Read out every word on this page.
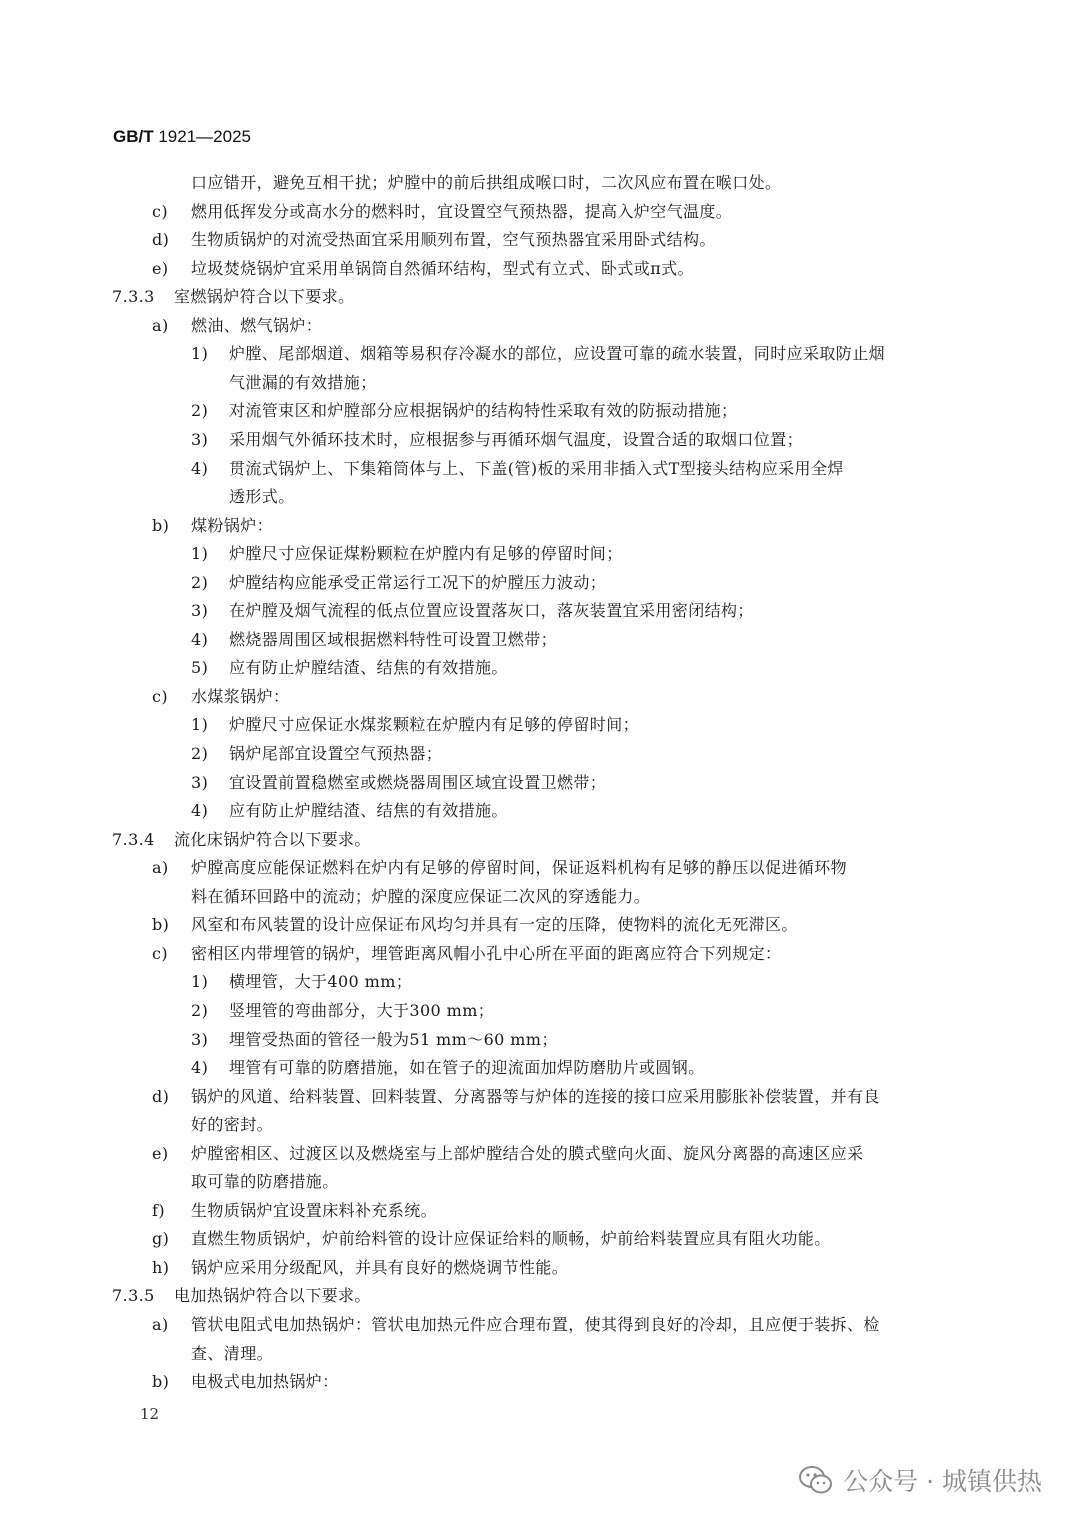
GB/T 1921—2025
口应错开，避免互相干扰；炉膛中的前后拱组成喉口时，二次风应布置在喉口处。
c) 燃用低挥发分或高水分的燃料时，宜设置空气预热器，提高入炉空气温度。
d) 生物质锅炉的对流受热面宜采用顺列布置，空气预热器宜采用卧式结构。
e) 垃圾焚烧锅炉宜采用单锅筒自然循环结构，型式有立式、卧式或π式。
7.3.3 室燃锅炉符合以下要求。
a) 燃油、燃气锅炉：
1) 炉膛、尾部烟道、烟箱等易积存冷凝水的部位，应设置可靠的疏水装置，同时应采取防止烟
气泄漏的有效措施；
2) 对流管束区和炉膛部分应根据锅炉的结构特性采取有效的防振动措施；
3) 采用烟气外循环技术时，应根据参与再循环烟气温度，设置合适的取烟口位置；
4) 贯流式锅炉上、下集箱筒体与上、下盖(管)板的采用非插入式T型接头结构应采用全焊
透形式。
b) 煤粉锅炉：
1) 炉膛尺寸应保证煤粉颗粒在炉膛内有足够的停留时间；
2) 炉膛结构应能承受正常运行工况下的炉膛压力波动；
3) 在炉膛及烟气流程的低点位置应设置落灰口，落灰装置宜采用密闭结构；
4) 燃烧器周围区域根据燃料特性可设置卫燃带；
5) 应有防止炉膛结渣、结焦的有效措施。
c) 水煤浆锅炉：
1) 炉膛尺寸应保证水煤浆颗粒在炉膛内有足够的停留时间；
2) 锅炉尾部宜设置空气预热器；
3) 宜设置前置稳燃室或燃烧器周围区域宜设置卫燃带；
4) 应有防止炉膛结渣、结焦的有效措施。
7.3.4 流化床锅炉符合以下要求。
a) 炉膛高度应能保证燃料在炉内有足够的停留时间，保证返料机构有足够的静压以促进循环物
料在循环回路中的流动；炉膛的深度应保证二次风的穿透能力。
b) 风室和布风装置的设计应保证布风均匀并具有一定的压降，使物料的流化无死滞区。
c) 密相区内带埋管的锅炉，埋管距离风帽小孔中心所在平面的距离应符合下列规定：
1) 横埋管，大于400 mm；
2) 竖埋管的弯曲部分，大于300 mm；
3) 埋管受热面的管径一般为51 mm～60 mm；
4) 埋管有可靠的防磨措施，如在管子的迎流面加焊防磨肋片或圆钢。
d) 锅炉的风道、给料装置、回料装置、分离器等与炉体的连接的接口应采用膨胀补偿装置，并有良
好的密封。
e) 炉膛密相区、过渡区以及燃烧室与上部炉膛结合处的膜式壁向火面、旋风分离器的高速区应采
取可靠的防磨措施。
f) 生物质锅炉宜设置床料补充系统。
g) 直燃生物质锅炉，炉前给料管的设计应保证给料的顺畅，炉前给料装置应具有阻火功能。
h) 锅炉应采用分级配风，并具有良好的燃烧调节性能。
7.3.5 电加热锅炉符合以下要求。
a) 管状电阻式电加热锅炉：管状电加热元件应合理布置，使其得到良好的冷却，且应便于装拆、检
查、清理。
b) 电极式电加热锅炉：
12
公众号 · 城镇供热
